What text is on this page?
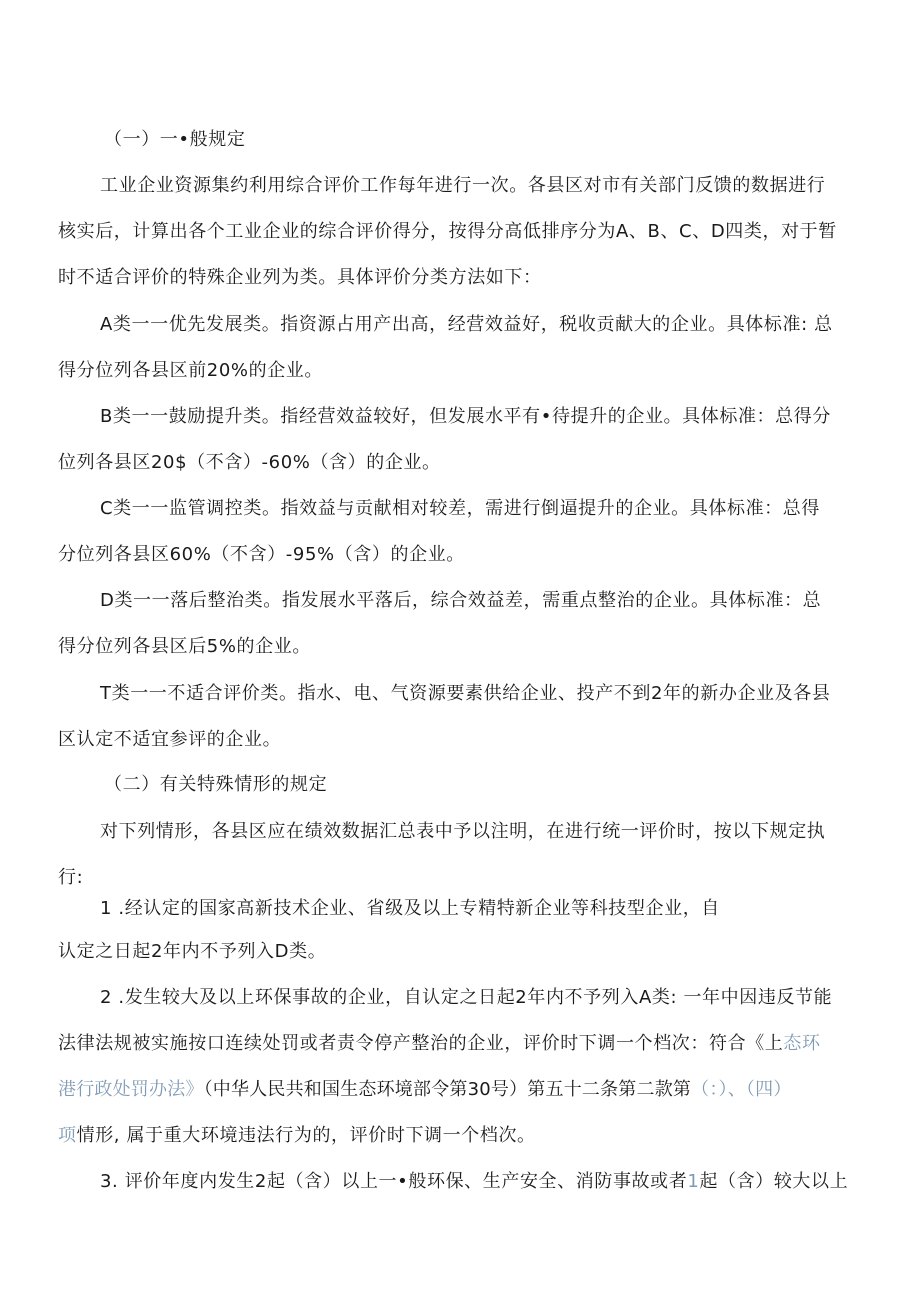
（一）一•般规定
工业企业资源集约利用综合评价工作每年进行一次。各县区对市有关部门反馈的数据进行
核实后，计算出各个工业企业的综合评价得分，按得分高低排序分为A、B、C、D四类，对于暂
时不适合评价的特殊企业列为类。具体评价分类方法如下：
A类一一优先发展类。指资源占用产出高，经营效益好，税收贡献大的企业。具体标准: 总
得分位列各县区前20%的企业。
B类一一鼓励提升类。指经营效益较好，但发展水平有•待提升的企业。具体标准：总得分
位列各县区20$（不含）-60%（含）的企业。
C类一一监管调控类。指效益与贡献相对较差，需进行倒逼提升的企业。具体标准：总得
分位列各县区60%（不含）-95%（含）的企业。
D类一一落后整治类。指发展水平落后，综合效益差，需重点整治的企业。具体标准：总
得分位列各县区后5%的企业。
T类一一不适合评价类。指水、电、气资源要素供给企业、投产不到2年的新办企业及各县
区认定不适宜参评的企业。
（二）有关特殊情形的规定
对下列情形，各县区应在绩效数据汇总表中予以注明，在进行统一评价时，按以下规定执
行:
1 .经认定的国家高新技术企业、省级及以上专精特新企业等科技型企业，自
认定之日起2年内不予列入D类。
2 .发生较大及以上环保事故的企业，自认定之日起2年内不予列入A类: 一年中因违反节能
法律法规被实施按口连续处罚或者责令停产整治的企业，评价时下调一个档次：符合《上态环
港行政处罚办法》（中华人民共和国生态环境部令第30号）第五十二条第二款第（：）、（四）
项情形, 属于重大环境违法行为的，评价时下调一个档次。
3. 评价年度内发生2起（含）以上一•般环保、生产安全、消防事故或者1起（含）较大以上
